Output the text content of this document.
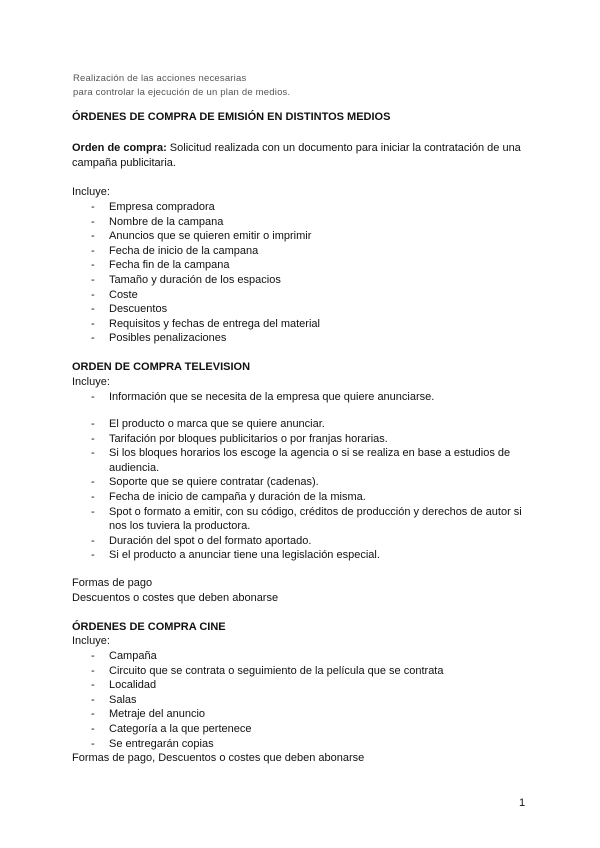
Realización de las acciones necesarias
para controlar la ejecución de un plan de medios.
ÓRDENES DE COMPRA DE EMISIÓN EN DISTINTOS MEDIOS
Orden de compra: Solicitud realizada con un documento para iniciar la contratación de una campaña publicitaria.
Incluye:
- Empresa compradora
- Nombre de la campana
- Anuncios que se quieren emitir o imprimir
- Fecha de inicio de la campana
- Fecha fin de la campana
- Tamaño y duración de los espacios
- Coste
- Descuentos
- Requisitos y fechas de entrega del material
- Posibles penalizaciones
ORDEN DE COMPRA TELEVISION
Incluye:
- Información que se necesita de la empresa que quiere anunciarse.
- El producto o marca que se quiere anunciar.
- Tarifación por bloques publicitarios o por franjas horarias.
- Si los bloques horarios los escoge la agencia o si se realiza en base a estudios de audiencia.
- Soporte que se quiere contratar (cadenas).
- Fecha de inicio de campaña y duración de la misma.
- Spot o formato a emitir, con su código, créditos de producción y derechos de autor si nos los tuviera la productora.
- Duración del spot o del formato aportado.
- Si el producto a anunciar tiene una legislación especial.
Formas de pago
Descuentos o costes que deben abonarse
ÓRDENES DE COMPRA CINE
Incluye:
- Campaña
- Circuito que se contrata o seguimiento de la película que se contrata
- Localidad
- Salas
- Metraje del anuncio
- Categoría a la que pertenece
- Se entregarán copias
Formas de pago, Descuentos o costes que deben abonarse
1
